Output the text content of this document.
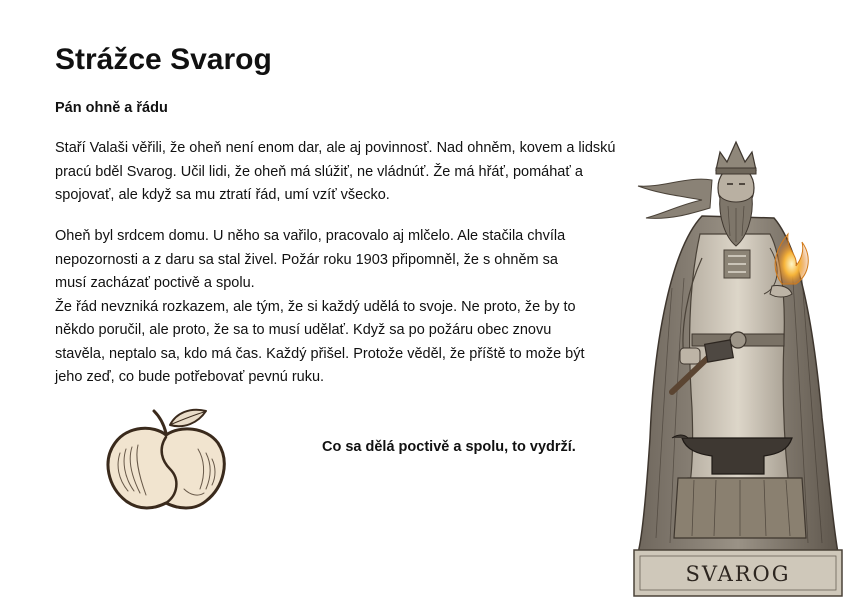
Strážce Svarog
Pán ohně a řádu
Staří Valaši věřili, že oheň není enom dar, ale aj povinnosť. Nad ohněm, kovem a lidskú
pracú bděl Svarog. Učil lidi, že oheň má slúžiť, ne vládnúť. Že má hřáť, pomáhať a
spojovať, ale když sa mu ztratí řád, umí vzíť všecko.
Oheň byl srdcem domu. U něho sa vařilo, pracovalo aj mlčelo. Ale stačila chvíla
nepozornosti a z daru sa stal živel. Požár roku 1903 připomněl, že s ohněm sa
musí zacházať poctivě a spolu.
Že řád nevzniká rozkazem, ale tým, že si každý udělá to svoje. Ne proto, že by to
někdo poručil, ale proto, že sa to musí udělať. Když sa po požáru obec znovu
stavěla, neptalo sa, kdo má čas. Každý přišel. Protože věděl, že příště to može být
jeho zeď, co bude potřebovať pevnú ruku.
Co sa dělá poctivě a spolu, to vydrží.
SVAROG
